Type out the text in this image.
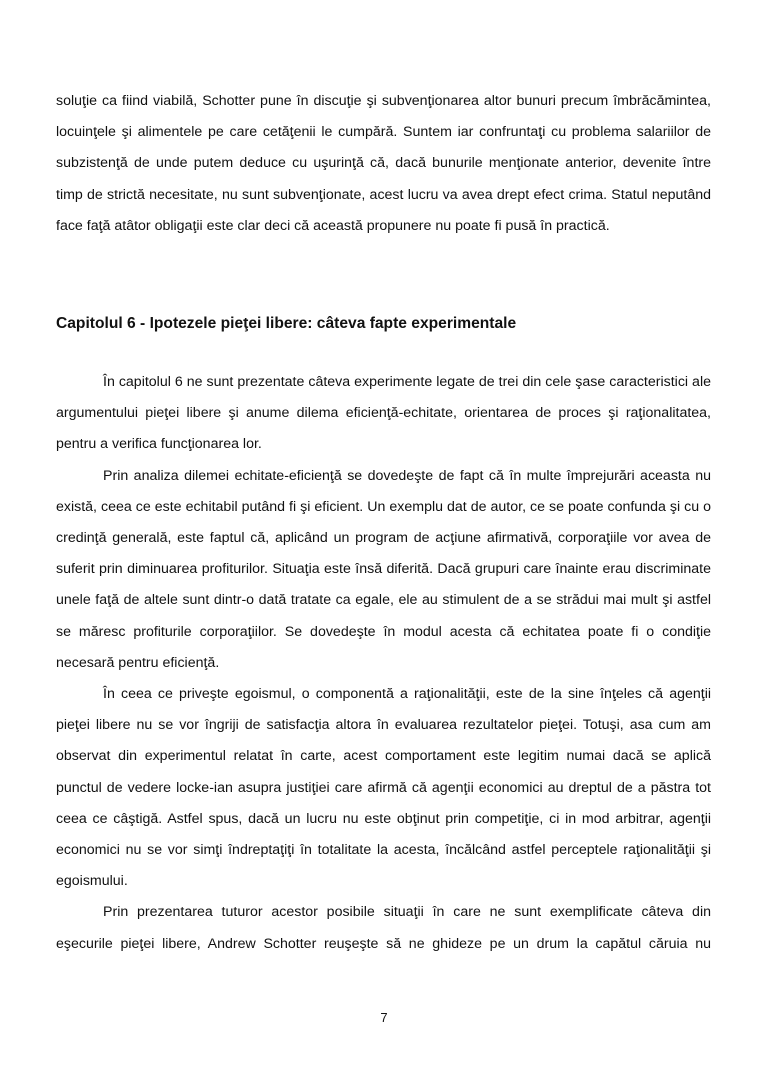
soluţie ca fiind viabilă, Schotter pune în discuţie şi subvenţionarea altor bunuri precum îmbrăcămintea, locuinţele şi alimentele pe care cetăţenii le cumpără. Suntem iar confruntaţi cu problema salariilor de subzistenţă de unde putem deduce cu uşurinţă că, dacă bunurile menţionate anterior, devenite între timp de strictă necesitate, nu sunt subvenţionate, acest lucru va avea drept efect crima. Statul neputând face faţă atâtor obligaţii este clar deci că această propunere nu poate fi pusă în practică.

Capitolul 6 - Ipotezele pieţei libere: câteva fapte experimentale

În capitolul 6 ne sunt prezentate câteva experimente legate de trei din cele şase caracteristici ale argumentului pieţei libere şi anume dilema eficienţă-echitate, orientarea de proces şi raţionalitatea, pentru a verifica funcţionarea lor.

Prin analiza dilemei echitate-eficienţă se dovedeşte de fapt că în multe împrejurări aceasta nu există, ceea ce este echitabil putând fi şi eficient. Un exemplu dat de autor, ce se poate confunda şi cu o credinţă generală, este faptul că, aplicând un program de acţiune afirmativă, corporaţiile vor avea de suferit prin diminuarea profiturilor. Situaţia este însă diferită. Dacă grupuri care înainte erau discriminate unele faţă de altele sunt dintr-o dată tratate ca egale, ele au stimulent de a se strădui mai mult şi astfel se măresc profiturile corporaţiilor. Se dovedeşte în modul acesta că echitatea poate fi o condiţie necesară pentru eficienţă.

În ceea ce priveşte egoismul, o componentă a raţionalităţii, este de la sine înţeles că agenţii pieţei libere nu se vor îngriji de satisfacţia altora în evaluarea rezultatelor pieţei. Totuşi, asa cum am observat din experimentul relatat în carte, acest comportament este legitim numai dacă se aplică punctul de vedere locke-ian asupra justiţiei care afirmă că agenţii economici au dreptul de a păstra tot ceea ce câştigă. Astfel spus, dacă un lucru nu este obţinut prin competiţie, ci in mod arbitrar, agenţii economici nu se vor simţi îndreptaţiţi în totalitate la acesta, încălcând astfel perceptele raţionalităţii şi egoismului.

Prin prezentarea tuturor acestor posibile situaţii în care ne sunt exemplificate câteva din eşecurile pieţei libere, Andrew Schotter reuşeşte să ne ghideze pe un drum la capătul căruia nu

7
